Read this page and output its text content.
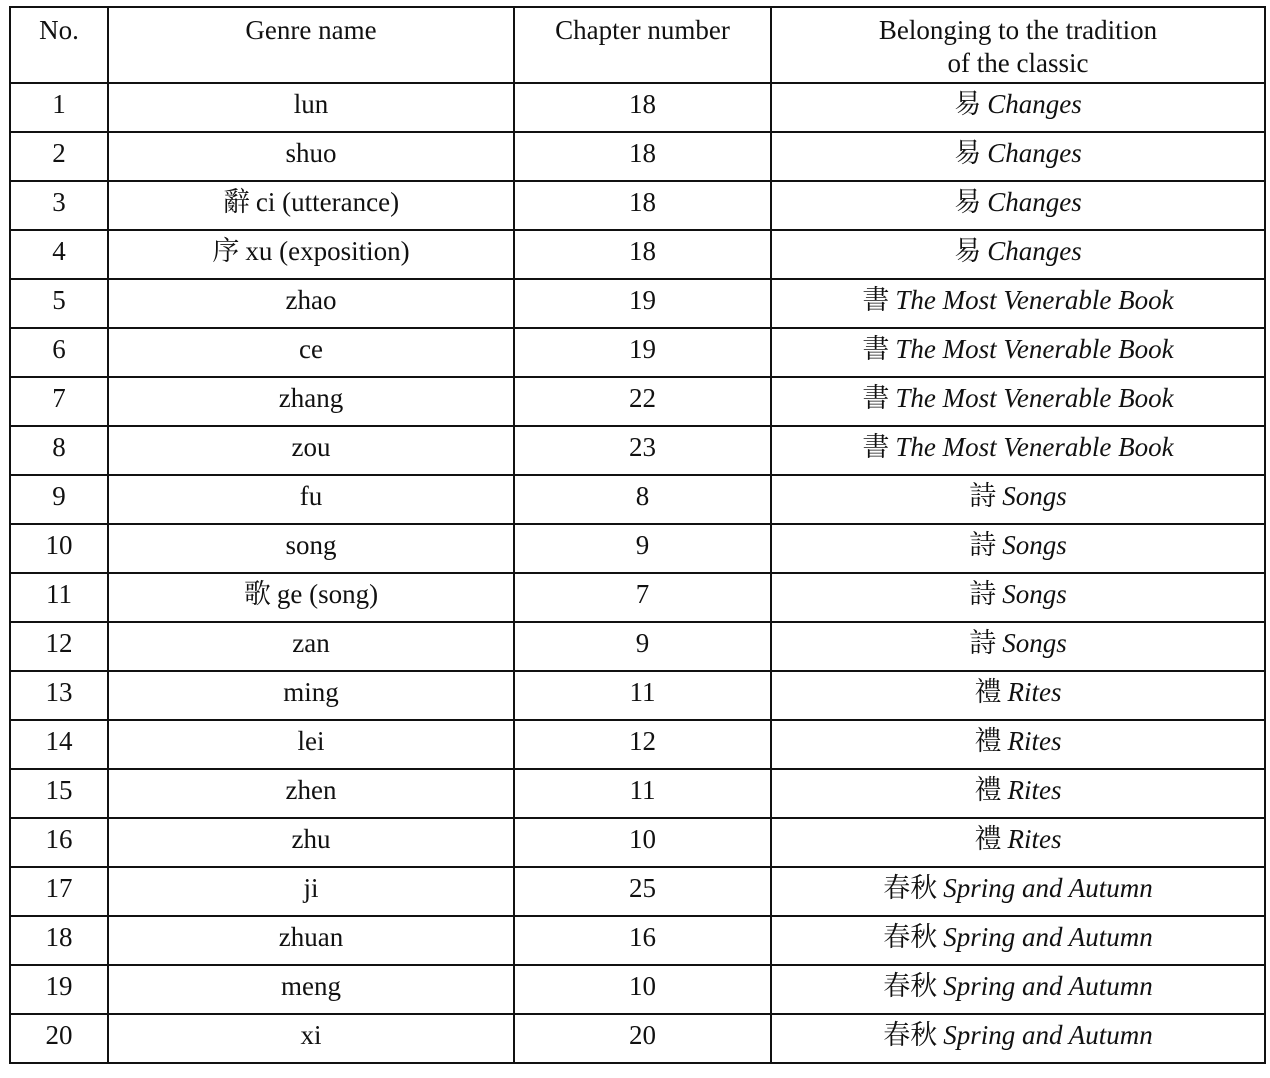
No.	Genre name	Chapter number	Belonging to the tradition
of the classic

1	lun	18	易 Changes
2	shuo	18	易 Changes
3	辭 ci (utterance)	18	易 Changes
4	序 xu (exposition)	18	易 Changes
5	zhao	19	書 The Most Venerable Book
6	ce	19	書 The Most Venerable Book
7	zhang	22	書 The Most Venerable Book
8	zou	23	書 The Most Venerable Book
9	fu	8	詩 Songs
10	song	9	詩 Songs
11	歌 ge (song)	7	詩 Songs
12	zan	9	詩 Songs
13	ming	11	禮 Rites
14	lei	12	禮 Rites
15	zhen	11	禮 Rites
16	zhu	10	禮 Rites
17	ji	25	春秋 Spring and Autumn
18	zhuan	16	春秋 Spring and Autumn
19	meng	10	春秋 Spring and Autumn
20	xi	20	春秋 Spring and Autumn
